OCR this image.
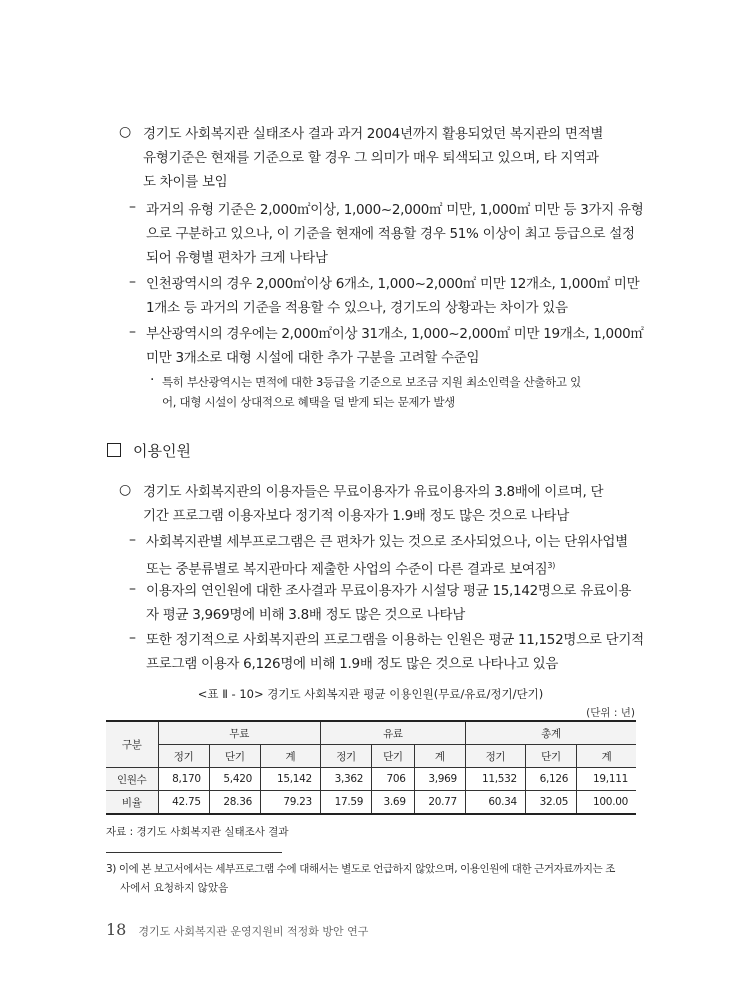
○ 경기도 사회복지관 실태조사 결과 과거 2004년까지 활용되었던 복지관의 면적별
유형기준은 현재를 기준으로 할 경우 그 의미가 매우 퇴색되고 있으며, 타 지역과
도 차이를 보임
– 과거의 유형 기준은 2,000㎡이상, 1,000~2,000㎡ 미만, 1,000㎡ 미만 등 3가지 유형
으로 구분하고 있으나, 이 기준을 현재에 적용할 경우 51% 이상이 최고 등급으로 설정
되어 유형별 편차가 크게 나타남
– 인천광역시의 경우 2,000㎡이상 6개소, 1,000~2,000㎡ 미만 12개소, 1,000㎡ 미만
1개소 등 과거의 기준을 적용할 수 있으나, 경기도의 상황과는 차이가 있음
– 부산광역시의 경우에는 2,000㎡이상 31개소, 1,000~2,000㎡ 미만 19개소, 1,000㎡
미만 3개소로 대형 시설에 대한 추가 구분을 고려할 수준임
· 특히 부산광역시는 면적에 대한 3등급을 기준으로 보조금 지원 최소인력을 산출하고 있
어, 대형 시설이 상대적으로 혜택을 덜 받게 되는 문제가 발생
이용인원
○ 경기도 사회복지관의 이용자들은 무료이용자가 유료이용자의 3.8배에 이르며, 단
기간 프로그램 이용자보다 정기적 이용자가 1.9배 정도 많은 것으로 나타남
– 사회복지관별 세부프로그램은 큰 편차가 있는 것으로 조사되었으나, 이는 단위사업별
또는 중분류별로 복지관마다 제출한 사업의 수준이 다른 결과로 보여짐$^{3)}$
– 이용자의 연인원에 대한 조사결과 무료이용자가 시설당 평균 15,142명으로 유료이용
자 평균 3,969명에 비해 3.8배 정도 많은 것으로 나타남
– 또한 정기적으로 사회복지관의 프로그램을 이용하는 인원은 평균 11,152명으로 단기적
프로그램 이용자 6,126명에 비해 1.9배 정도 많은 것으로 나타나고 있음
<표 Ⅱ - 10> 경기도 사회복지관 평균 이용인원(무료/유료/정기/단기)
(단위 : 년)
구분	무료			유료			총계		
	정기	단기	계	정기	단기	계	정기	단기	계
인원수	8,170	5,420	15,142	3,362	706	3,969	11,532	6,126	19,111
비율	42.75	28.36	79.23	17.59	3.69	20.77	60.34	32.05	100.00
자료 : 경기도 사회복지관 실태조사 결과
3) 이에 본 보고서에서는 세부프로그램 수에 대해서는 별도로 언급하지 않았으며, 이용인원에 대한 근거자료까지는 조
사에서 요청하지 않았음
18 경기도 사회복지관 운영지원비 적정화 방안 연구
